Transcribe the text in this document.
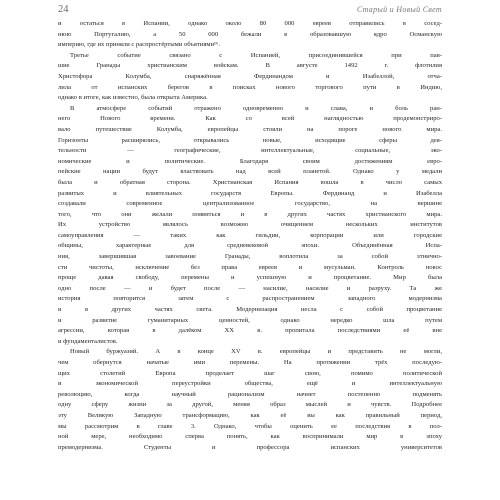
24	Старый и Новый Свет
и остаться в Испании, однако около 80 000 евреев отправились в сосед-
нюю Португалию, а 50 000 бежали в образовавшую ядро Османскую
империю, где их приняли с распростёртыми объятиями¹⁶.
Третье событие связано с Испанией, присоединившейся при пав-
шие Гранады христианским войскам. В августе 1492 г. флотилия
Христофора Колумба, снаряжённая Фердинандом и Изабеллой, отча-
лила от испанских берегов в поисках нового торгового пути в Индию,
однако в итоге, как известно, была открыта Америка.
В атмосфере событий отражено одновременно и слава, и боль ран-
него Нового времени. Как со всей наглядностью продемонстриро-
вало путешествие Колумба, европейцы стояли на пороге нового мира.
Горизонты расширялись, открывались новые, исходящие сферы дея-
тельности — географические, интеллектуальные, социальные, эко-
номические и политические. Благодаря своим достижениям евро-
пейские нации будут властвовать над всей планетой. Однако у медали
была и обратная сторона. Христианская Испания вошла в число самых
развитых и влиятельных государств Европы. Фердинанд и Изабелла
создавали современное централизованное государство, на вершине
того, что они желали появиться и в других частях христианского мира.
Их устройство являлось возможно очищением нескольких институтов
самоуправления — таких как гильдии, корпорации или городские
общины, характерные для средневековой эпохи. Объединённая Испа-
ния, завершившая завоевание Гранады, воплотила за собой этнично-
сти чистоты, исключение без права евреев и мусульман. Контроль новос
проще давая свободу, перемены и успешную и процветание. Мир была
одно после — и будет после — насилие, насилие и разруху. Та же
история повторится затем с распространением западного модернизма
и в других частях света. Модернизация несла с собой процветание
и развитие гуманитарных ценностей, однако нередко шла путем
агрессии, которая в далёком XX в. пропитала последствиями её вне
и фундаменталистов.
Новый буржуазий. А в конце XV в. европейцы и представить не могли,
чем обернутся начатые ими перемены. На протяжении трёх последую-
щих столетий Европа проделает шаг свою, помимо политической
и экономической переустройки общества, ещё и интеллектуальную
революцию, когда научный рационализм начнет постепенно подменять
одну сферу жизни за другой, меняя образ мыслей и чувств. Подробнее
эту Великую Западную трансформацию, как её вы как правильный период,
мы рассмотрим в главе 3. Однако, чтобы оценить ее последствия в пол-
ной мере, необходимо сперва понять, как воспринимали мир в эпоху
премодернизма. Студенты и профессора испанских университетов
